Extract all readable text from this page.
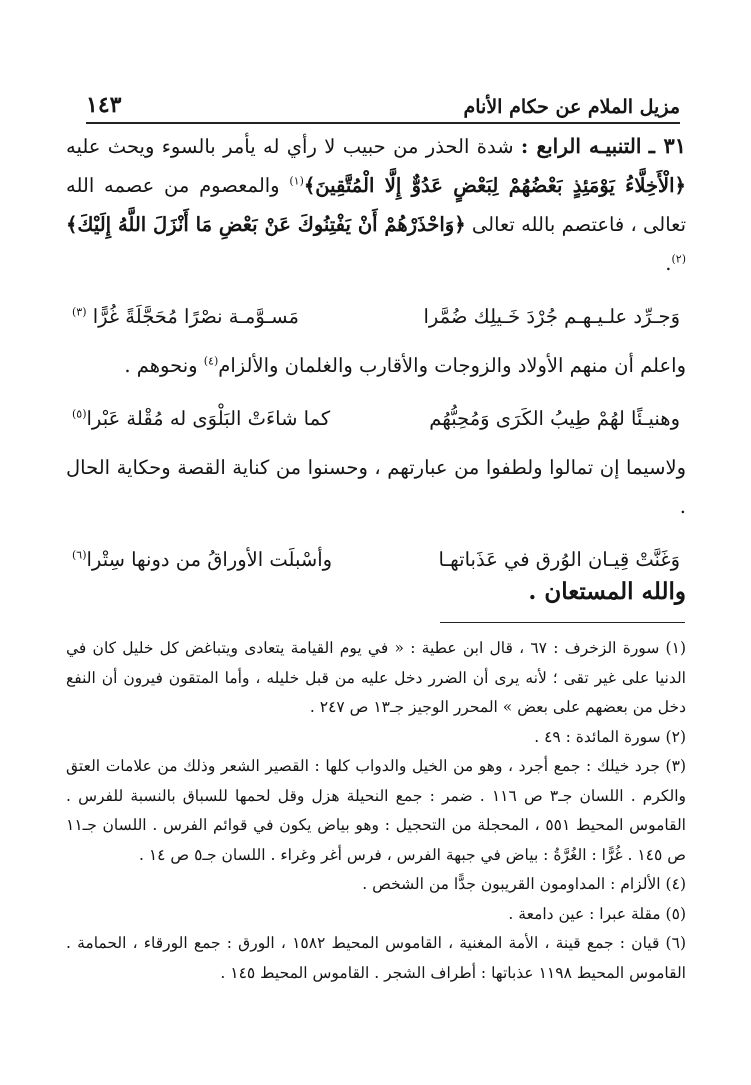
مزيل الملام عن حكام الأنام
١٤٣

٣١ ـ التنبيـه الرابع : شدة الحذر من حبيب لا رأي له يأمر بالسوء ويحث عليه ﴿الْأَخِلَّاءُ يَوْمَئِذٍ بَعْضُهُمْ لِبَعْضٍ عَدُوٌّ إِلَّا الْمُتَّقِينَ﴾$^{(١)}$ والمعصوم من عصمه الله تعالى ، فاعتصم بالله تعالى ﴿وَاحْذَرْهُمْ أَنْ يَفْتِنُوكَ عَنْ بَعْضِ مَا أَنْزَلَ اللَّهُ إِلَيْكَ﴾$^{(٢)}$.

وَجـرِّد علـيـهـم جُرْدَ خَـيلِك ضُمَّرا
مَسـوَّمـة نصْرًا مُحَجَّلَةً غُرًّا $^{(٣)}$

واعلم أن منهم الأولاد والزوجات والأقارب والغلمان والألزام$^{(٤)}$ ونحوهم .

وهنيـئًا لهُمْ طِيبُ الكَرَى وَمُحِبُّهُم
كما شاءَتْ البَلْوَى له مُقْلة عَبْرا$^{(٥)}$

ولاسيما إن تمالوا ولطفوا من عبارتهم ، وحسنوا من كناية القصة وحكاية الحال .

وَغَنَّتْ قِيـان الوُرق في عَذَباتهـا
وأسْبلَت الأوراقُ من دونها سِتْرا$^{(٦)}$
والله المستعان .

(١) سورة الزخرف : ٦٧ ، قال ابن عطية : « في يوم القيامة يتعادى ويتباغض كل خليل كان في الدنيا على غير تقى ؛ لأنه يرى أن الضرر دخل عليه من قبل خليله ، وأما المتقون فيرون أن النفع دخل من بعضهم على بعض » المحرر الوجيز جـ١٣ ص ٢٤٧ .

(٢) سورة المائدة : ٤٩ .

(٣) جرد خيلك : جمع أجرد ، وهو من الخيل والدواب كلها : القصير الشعر وذلك من علامات العتق والكرم . اللسان جـ٣ ص ١١٦ . ضمر : جمع النحيلة هزل وقل لحمها للسباق بالنسبة للفرس . القاموس المحيط ٥٥١ ، المحجلة من التحجيل : وهو بياض يكون في قوائم الفرس . اللسان جـ١١ ص ١٤٥ . غُرًّا : الغُرَّةُ : بياض في جبهة الفرس ، فرس أغر وغراء . اللسان جـ٥ ص ١٤ .

(٤) الألزام : المداومون القريبون جدًّا من الشخص .

(٥) مقلة عبرا : عين دامعة .

(٦) قيان : جمع قينة ، الأمة المغنية ، القاموس المحيط ١٥٨٢ ، الورق : جمع الورقاء ، الحمامة . القاموس المحيط ١١٩٨ عذباتها : أطراف الشجر . القاموس المحيط ١٤٥ .
